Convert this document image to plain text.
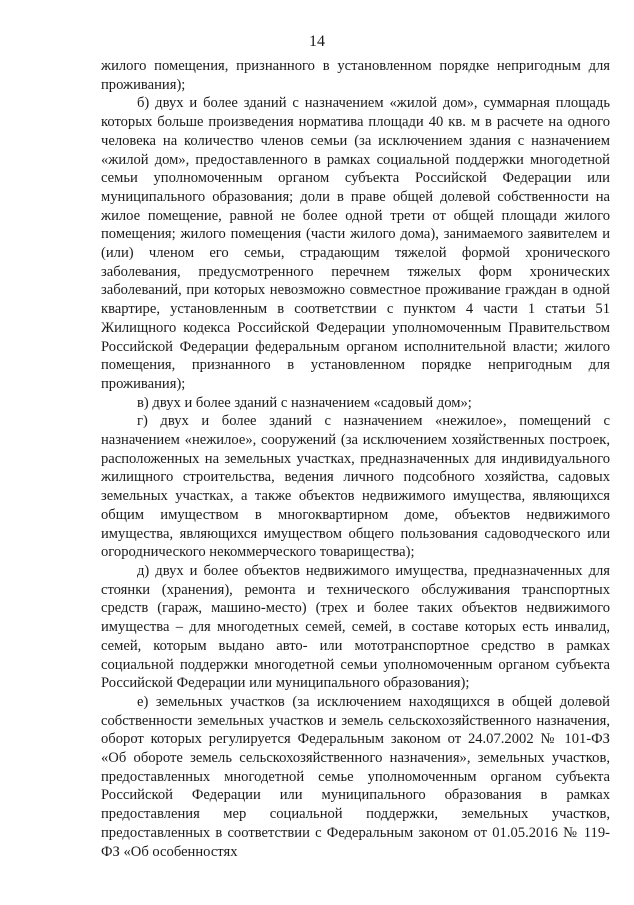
14

жилого помещения, признанного в установленном порядке непригодным для проживания);

б) двух и более зданий с назначением «жилой дом», суммарная площадь которых больше произведения норматива площади 40 кв. м в расчете на одного человека на количество членов семьи (за исключением здания с назначением «жилой дом», предоставленного в рамках социальной поддержки многодетной семьи уполномоченным органом субъекта Российской Федерации или муниципального образования; доли в праве общей долевой собственности на жилое помещение, равной не более одной трети от общей площади жилого помещения; жилого помещения (части жилого дома), занимаемого заявителем и (или) членом его семьи, страдающим тяжелой формой хронического заболевания, предусмотренного перечнем тяжелых форм хронических заболеваний, при которых невозможно совместное проживание граждан в одной квартире, установленным в соответствии с пунктом 4 части 1 статьи 51 Жилищного кодекса Российской Федерации уполномоченным Правительством Российской Федерации федеральным органом исполнительной власти; жилого помещения, признанного в установленном порядке непригодным для проживания);

в) двух и более зданий с назначением «садовый дом»;

г) двух и более зданий с назначением «нежилое», помещений с назначением «нежилое», сооружений (за исключением хозяйственных построек, расположенных на земельных участках, предназначенных для индивидуального жилищного строительства, ведения личного подсобного хозяйства, садовых земельных участках, а также объектов недвижимого имущества, являющихся общим имуществом в многоквартирном доме, объектов недвижимого имущества, являющихся имуществом общего пользования садоводческого или огороднического некоммерческого товарищества);

д) двух и более объектов недвижимого имущества, предназначенных для стоянки (хранения), ремонта и технического обслуживания транспортных средств (гараж, машино-место) (трех и более таких объектов недвижимого имущества – для многодетных семей, семей, в составе которых есть инвалид, семей, которым выдано авто- или мототранспортное средство в рамках социальной поддержки многодетной семьи уполномоченным органом субъекта Российской Федерации или муниципального образования);

е) земельных участков (за исключением находящихся в общей долевой собственности земельных участков и земель сельскохозяйственного назначения, оборот которых регулируется Федеральным законом от 24.07.2002 № 101-ФЗ «Об обороте земель сельскохозяйственного назначения», земельных участков, предоставленных многодетной семье уполномоченным органом субъекта Российской Федерации или муниципального образования в рамках предоставления мер социальной поддержки, земельных участков, предоставленных в соответствии с Федеральным законом от 01.05.2016 № 119-ФЗ «Об особенностях
